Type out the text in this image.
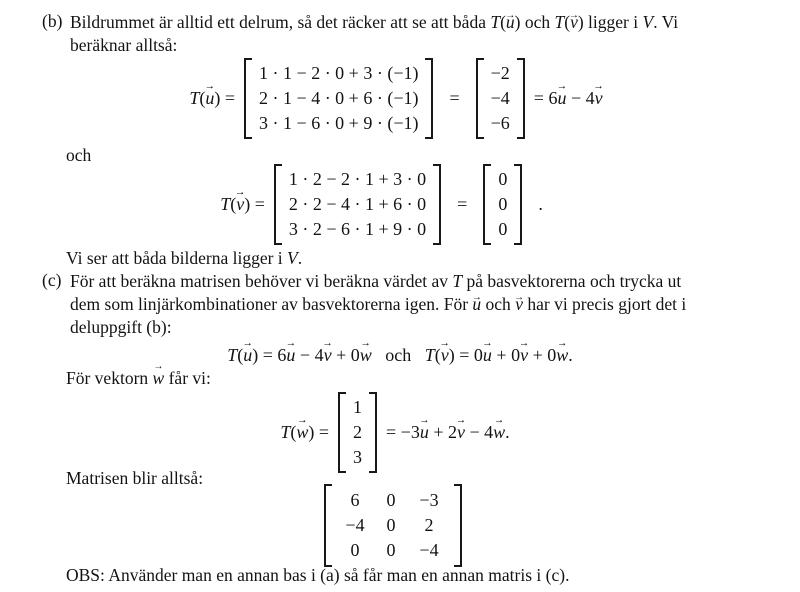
(b) Bildrummet är alltid ett delrum, så det räcker att se att båda T(u →) och T(v →) ligger i V. Vi
beräknar alltså:
T(u →) =
1 · 1 − 2 · 0 + 3 · (−1)
2 · 1 − 4 · 0 + 6 · (−1)
3 · 1 − 6 · 0 + 9 · (−1)
=
−2
−4
−6
= 6u → − 4v →
och
T(v →) =
1 · 2 − 2 · 1 + 3 · 0
2 · 2 − 4 · 1 + 6 · 0
3 · 2 − 6 · 1 + 9 · 0
=
0
0
0
.
Vi ser att båda bilderna ligger i V.
(c) För att beräkna matrisen behöver vi beräkna värdet av T på basvektorerna och trycka ut
dem som linjärkombinationer av basvektorerna igen. För u → och v → har vi precis gjort det i
deluppgift (b):
T(u →) = 6u → − 4v → + 0w →   och   T(v →) = 0u → + 0v → + 0w →.
För vektorn w → får vi:
T(w →) =
1
2
3
= −3u → + 2v → − 4w →.
Matrisen blir alltså:
6	0	−3
−4	0	2
0	0	−4
OBS: Använder man en annan bas i (a) så får man en annan matris i (c).
